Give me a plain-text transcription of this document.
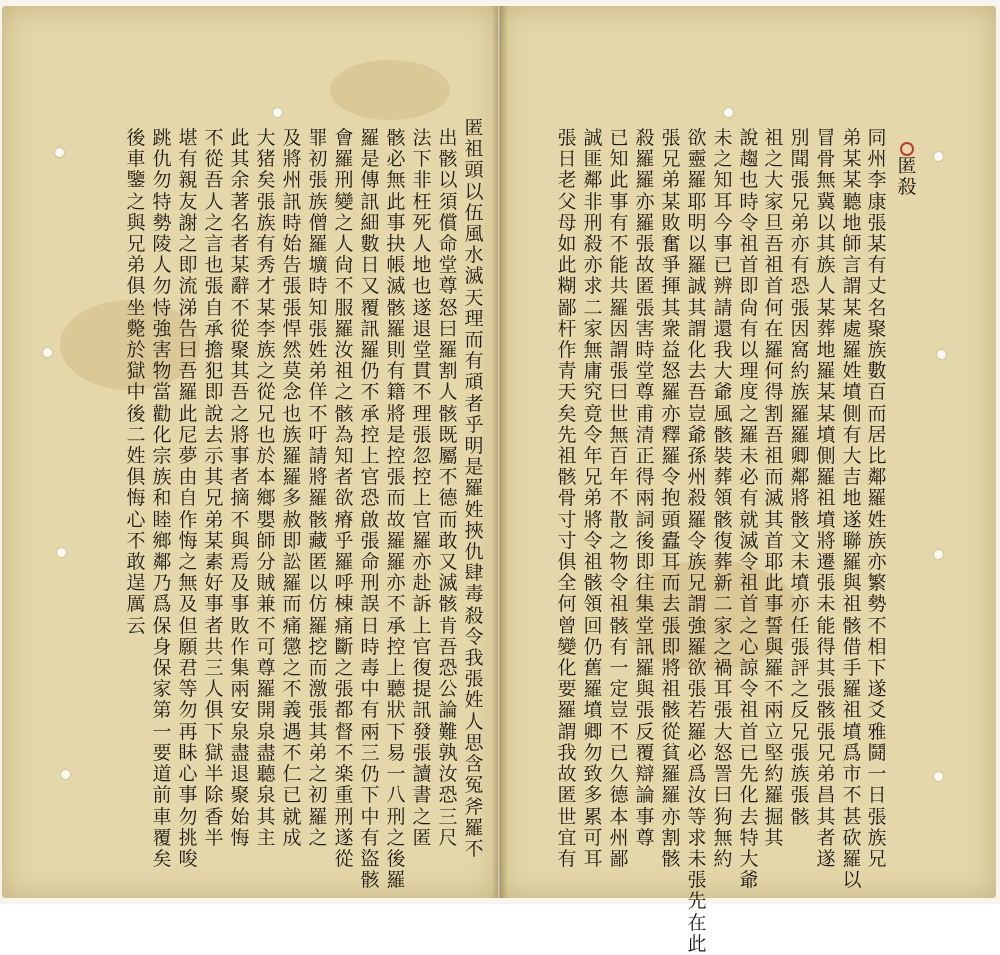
匿
殺
同
州
李
康
張
某
有
丈
名
聚
族
數
百
而
居
比
鄰
羅
姓
族
亦
繁
勢
不
相
下
遂
爻
雅
鬪
一
日
張
族
兄
弟
某
某
聽
地
師
言
謂
某
處
羅
姓
墳
側
有
大
吉
地
遂
聯
羅
與
祖
骸
借
手
羅
祖
墳
爲
市
不
甚
砍
羅
以
冒
骨
無
冀
以
其
族
人
某
葬
地
羅
某
某
墳
側
羅
祖
墳
將
遷
張
未
能
得
其
張
骸
張
兄
弟
昌
其
者
遂
別
聞
張
兄
弟
亦
有
恐
張
因
窩
約
族
羅
羅
卿
鄰
將
骸
文
未
墳
亦
任
張
評
之
反
兄
張
族
張
骸
祖
之
大
家
旦
吾
祖
首
何
在
羅
何
得
割
吾
祖
而
滅
其
首
耶
此
事
誓
與
羅
不
兩
立
堅
約
羅
掘
其
說
趨
也
時
令
祖
首
即
尙
有
以
理
度
之
羅
未
必
有
就
滅
令
祖
首
之
心
諒
令
祖
首
已
先
化
去
特
大
爺
未
之
知
耳
今
事
已
辨
請
還
我
大
爺
風
骸
裝
葬
領
骸
復
葬
新
二
家
之
禍
耳
張
大
怒
詈
曰
狗
無
約
欲
靈
羅
耶
明
以
羅
誠
其
謂
化
去
吾
豈
爺
孫
州
殺
羅
令
族
兄
謂
強
羅
欲
張
若
羅
必
爲
汝
等
求
未
張
先
在
此
張
兄
弟
某
敗
奮
爭
揮
其
衆
益
怒
羅
亦
釋
羅
令
抱
頭
蠹
耳
而
去
張
即
將
祖
骸
從
貧
羅
羅
亦
割
骸
殺
羅
羅
亦
羅
張
故
匿
張
害
時
堂
尊
甫
清
正
得
兩
詞
後
即
往
集
堂
訊
羅
與
張
反
覆
辯
論
事
尊
已
知
此
事
有
不
能
共
羅
因
謂
張
曰
世
無
百
年
不
散
之
物
令
祖
骸
有
一
定
豈
不
已
久
德
本
州
鄙
誠
匪
鄰
非
刑
殺
亦
求
二
家
無
庸
究
竟
令
年
兄
弟
將
令
祖
骸
領
回
仍
舊
羅
墳
卿
勿
致
多
累
可
耳
張
日
老
父
母
如
此
糊
鄙
杆
作
青
天
矣
先
祖
骸
骨
寸
寸
俱
全
何
曾
變
化
要
羅
謂
我
故
匿
世
宜
有
匿
祖
頭
以
伍
風
水
滅
天
理
而
有
頑
者
乎
明
是
羅
姓
挾
仇
肆
毒
殺
令
我
張
姓
人
思
含
冤
斧
羅
不
出
骸
以
須
償
命
堂
尊
怒
曰
羅
割
人
骸
既
屬
不
德
而
敢
又
滅
骸
肯
吾
恐
公
論
難
孰
汝
恐
三
尺
法
下
非
枉
死
人
地
也
遂
退
堂
貫
不
理
張
忽
控
上
官
羅
亦
赴
訴
上
官
復
提
訊
發
張
讀
書
之
匿
骸
必
無
此
事
抉
帳
滅
骸
羅
則
有
籍
將
是
控
張
而
故
羅
羅
亦
不
承
控
上
聽
狀
下
易
一
八
刑
之
後
羅
羅
是
傳
訊
細
數
日
又
覆
訊
羅
仍
不
承
控
上
官
恐
啟
張
命
刑
誤
日
時
毒
中
有
兩
三
仍
下
中
有
盜
骸
會
羅
刑
變
之
人
尙
不
服
羅
汝
祖
之
骸
為
知
者
欲
瘠
乎
羅
呼
棟
痛
斷
之
張
都
督
不
楽
重
刑
遂
從
罪
初
張
族
僧
羅
壙
時
知
張
姓
弟
佯
不
吁
請
將
羅
骸
藏
匿
以
仿
羅
挖
而
激
張
其
弟
之
初
羅
之
及
將
州
訊
時
始
告
張
張
悍
然
莫
念
也
族
羅
羅
多
赦
即
訟
羅
而
痛
懲
之
不
義
遇
不
仁
已
就
成
大
猪
矣
張
族
有
秀
才
某
李
族
之
從
兄
也
於
本
鄉
嬰
師
分
賊
兼
不
可
尊
羅
開
泉
盡
聽
泉
其
主
此
其
余
著
名
者
某
辭
不
從
聚
其
吾
之
將
事
者
摘
不
與
焉
及
事
敗
作
集
兩
安
泉
盡
退
聚
始
悔
不
從
吾
人
之
言
也
張
自
承
擔
犯
即
說
去
示
其
兄
弟
某
素
好
事
者
共
三
人
俱
下
獄
半
除
香
半
堪
有
親
友
謝
之
即
流
涕
告
曰
吾
羅
此
尼
夢
由
自
作
悔
之
無
及
但
願
君
等
勿
再
眛
心
事
勿
挑
唆
跳
仇
勿
特
勢
陵
人
勿
恃
強
害
物
當
勸
化
宗
族
和
睦
鄉
鄰
乃
爲
保
身
保
家
第
一
要
道
前
車
覆
矣
後
車
鑒
之
與
兄
弟
俱
坐
斃
於
獄
中
後
二
姓
俱
悔
心
不
敢
逞
厲
云
